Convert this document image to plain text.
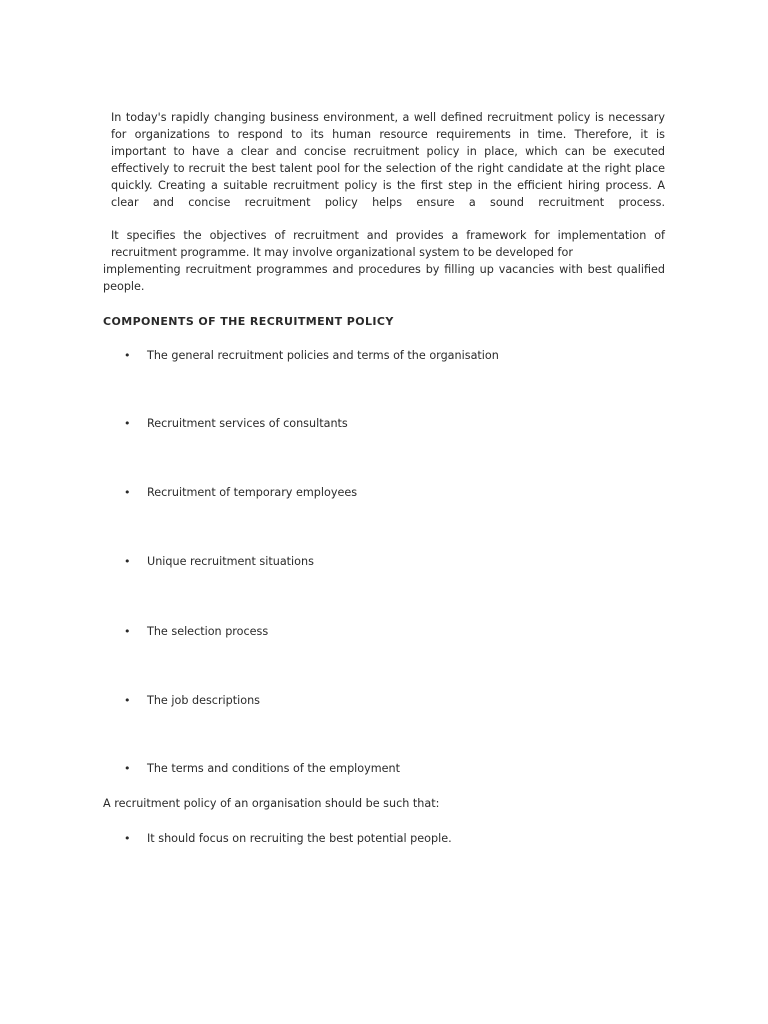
In today's rapidly changing business environment, a well defined recruitment policy is necessary
for organizations to respond to its human resource requirements in time. Therefore, it is
important to have a clear and concise recruitment policy in place, which can be executed
effectively to recruit the best talent pool for the selection of the right candidate at the right place
quickly. Creating a suitable recruitment policy is the first step in the efficient hiring process. A
clear and concise recruitment policy helps ensure a sound recruitment process.
It specifies the objectives of recruitment and provides a framework for implementation of
recruitment programme. It may involve organizational system to be developed for
implementing recruitment programmes and procedures by filling up vacancies with best qualified
people.

COMPONENTS OF THE RECRUITMENT POLICY

• The general recruitment policies and terms of the organisation

• Recruitment services of consultants

• Recruitment of temporary employees

• Unique recruitment situations

• The selection process

• The job descriptions

• The terms and conditions of the employment

A recruitment policy of an organisation should be such that:

• It should focus on recruiting the best potential people.
